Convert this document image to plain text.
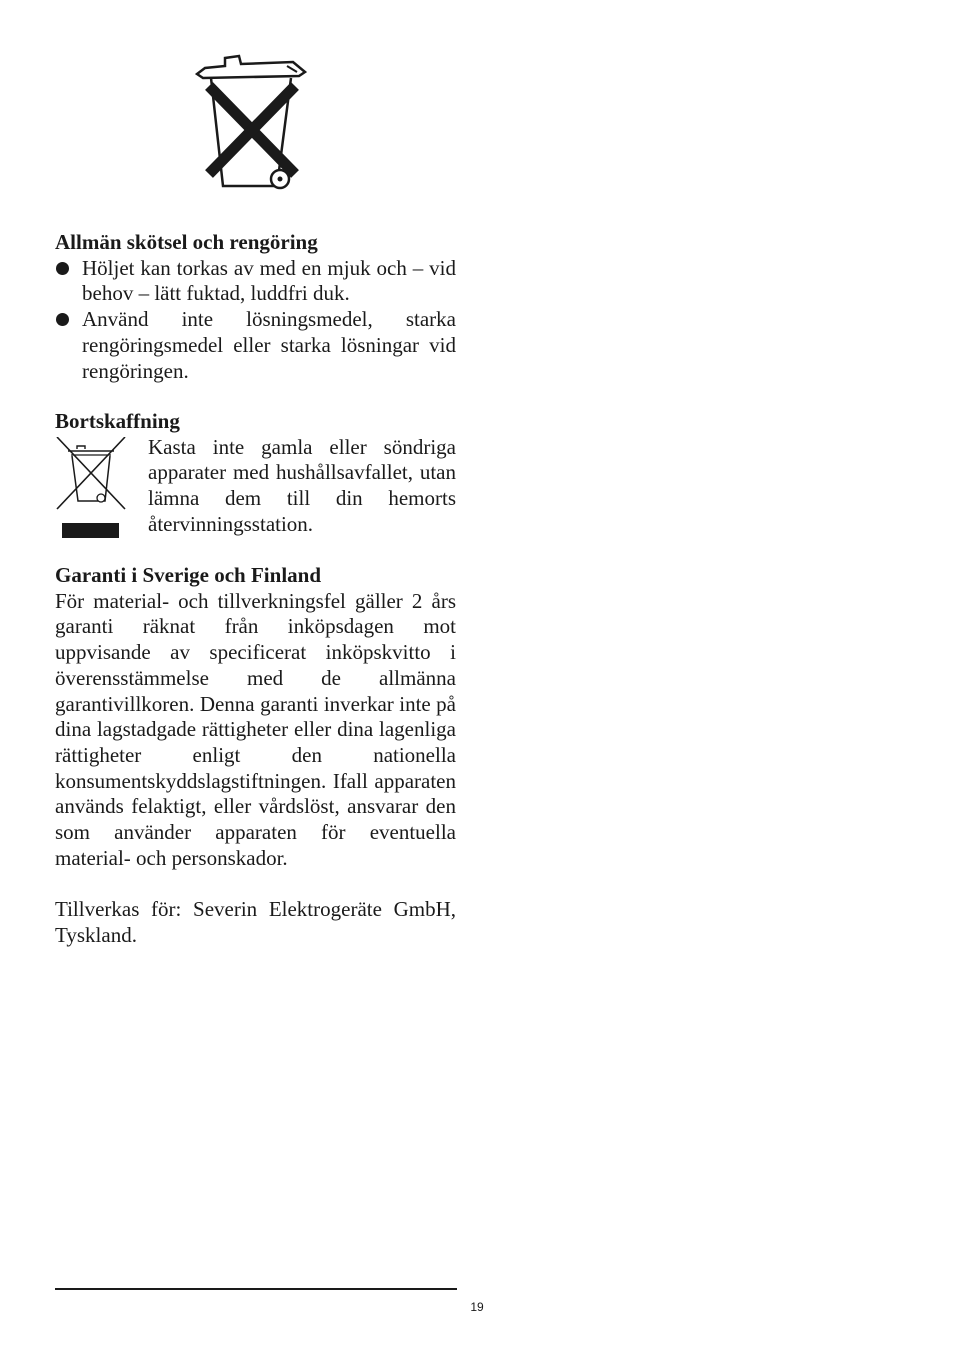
Allmän skötsel och rengöring

Höljet kan torkas av med en mjuk och – vid behov – lätt fuktad, luddfri duk.
Använd inte lösningsmedel, starka rengöringsmedel eller starka lösningar vid rengöringen.

Bortskaffning

Kasta inte gamla eller söndriga apparater med hushållsavfallet, utan lämna dem till din hemorts återvinningsstation.

Garanti i Sverige och Finland

För material- och tillverkningsfel gäller 2 års garanti räknat från inköpsdagen mot uppvisande av specificerat inköpskvitto i överensstämmelse med de allmänna garantivillkoren. Denna garanti inverkar inte på dina lagstadgade rättigheter eller dina lagenliga rättigheter enligt den nationella konsumentskyddslagstiftningen. Ifall apparaten används felaktigt, eller vårdslöst, ansvarar den som använder apparaten för eventuella material- och personskador.

Tillverkas för: Severin Elektrogeräte GmbH, Tyskland.

19
